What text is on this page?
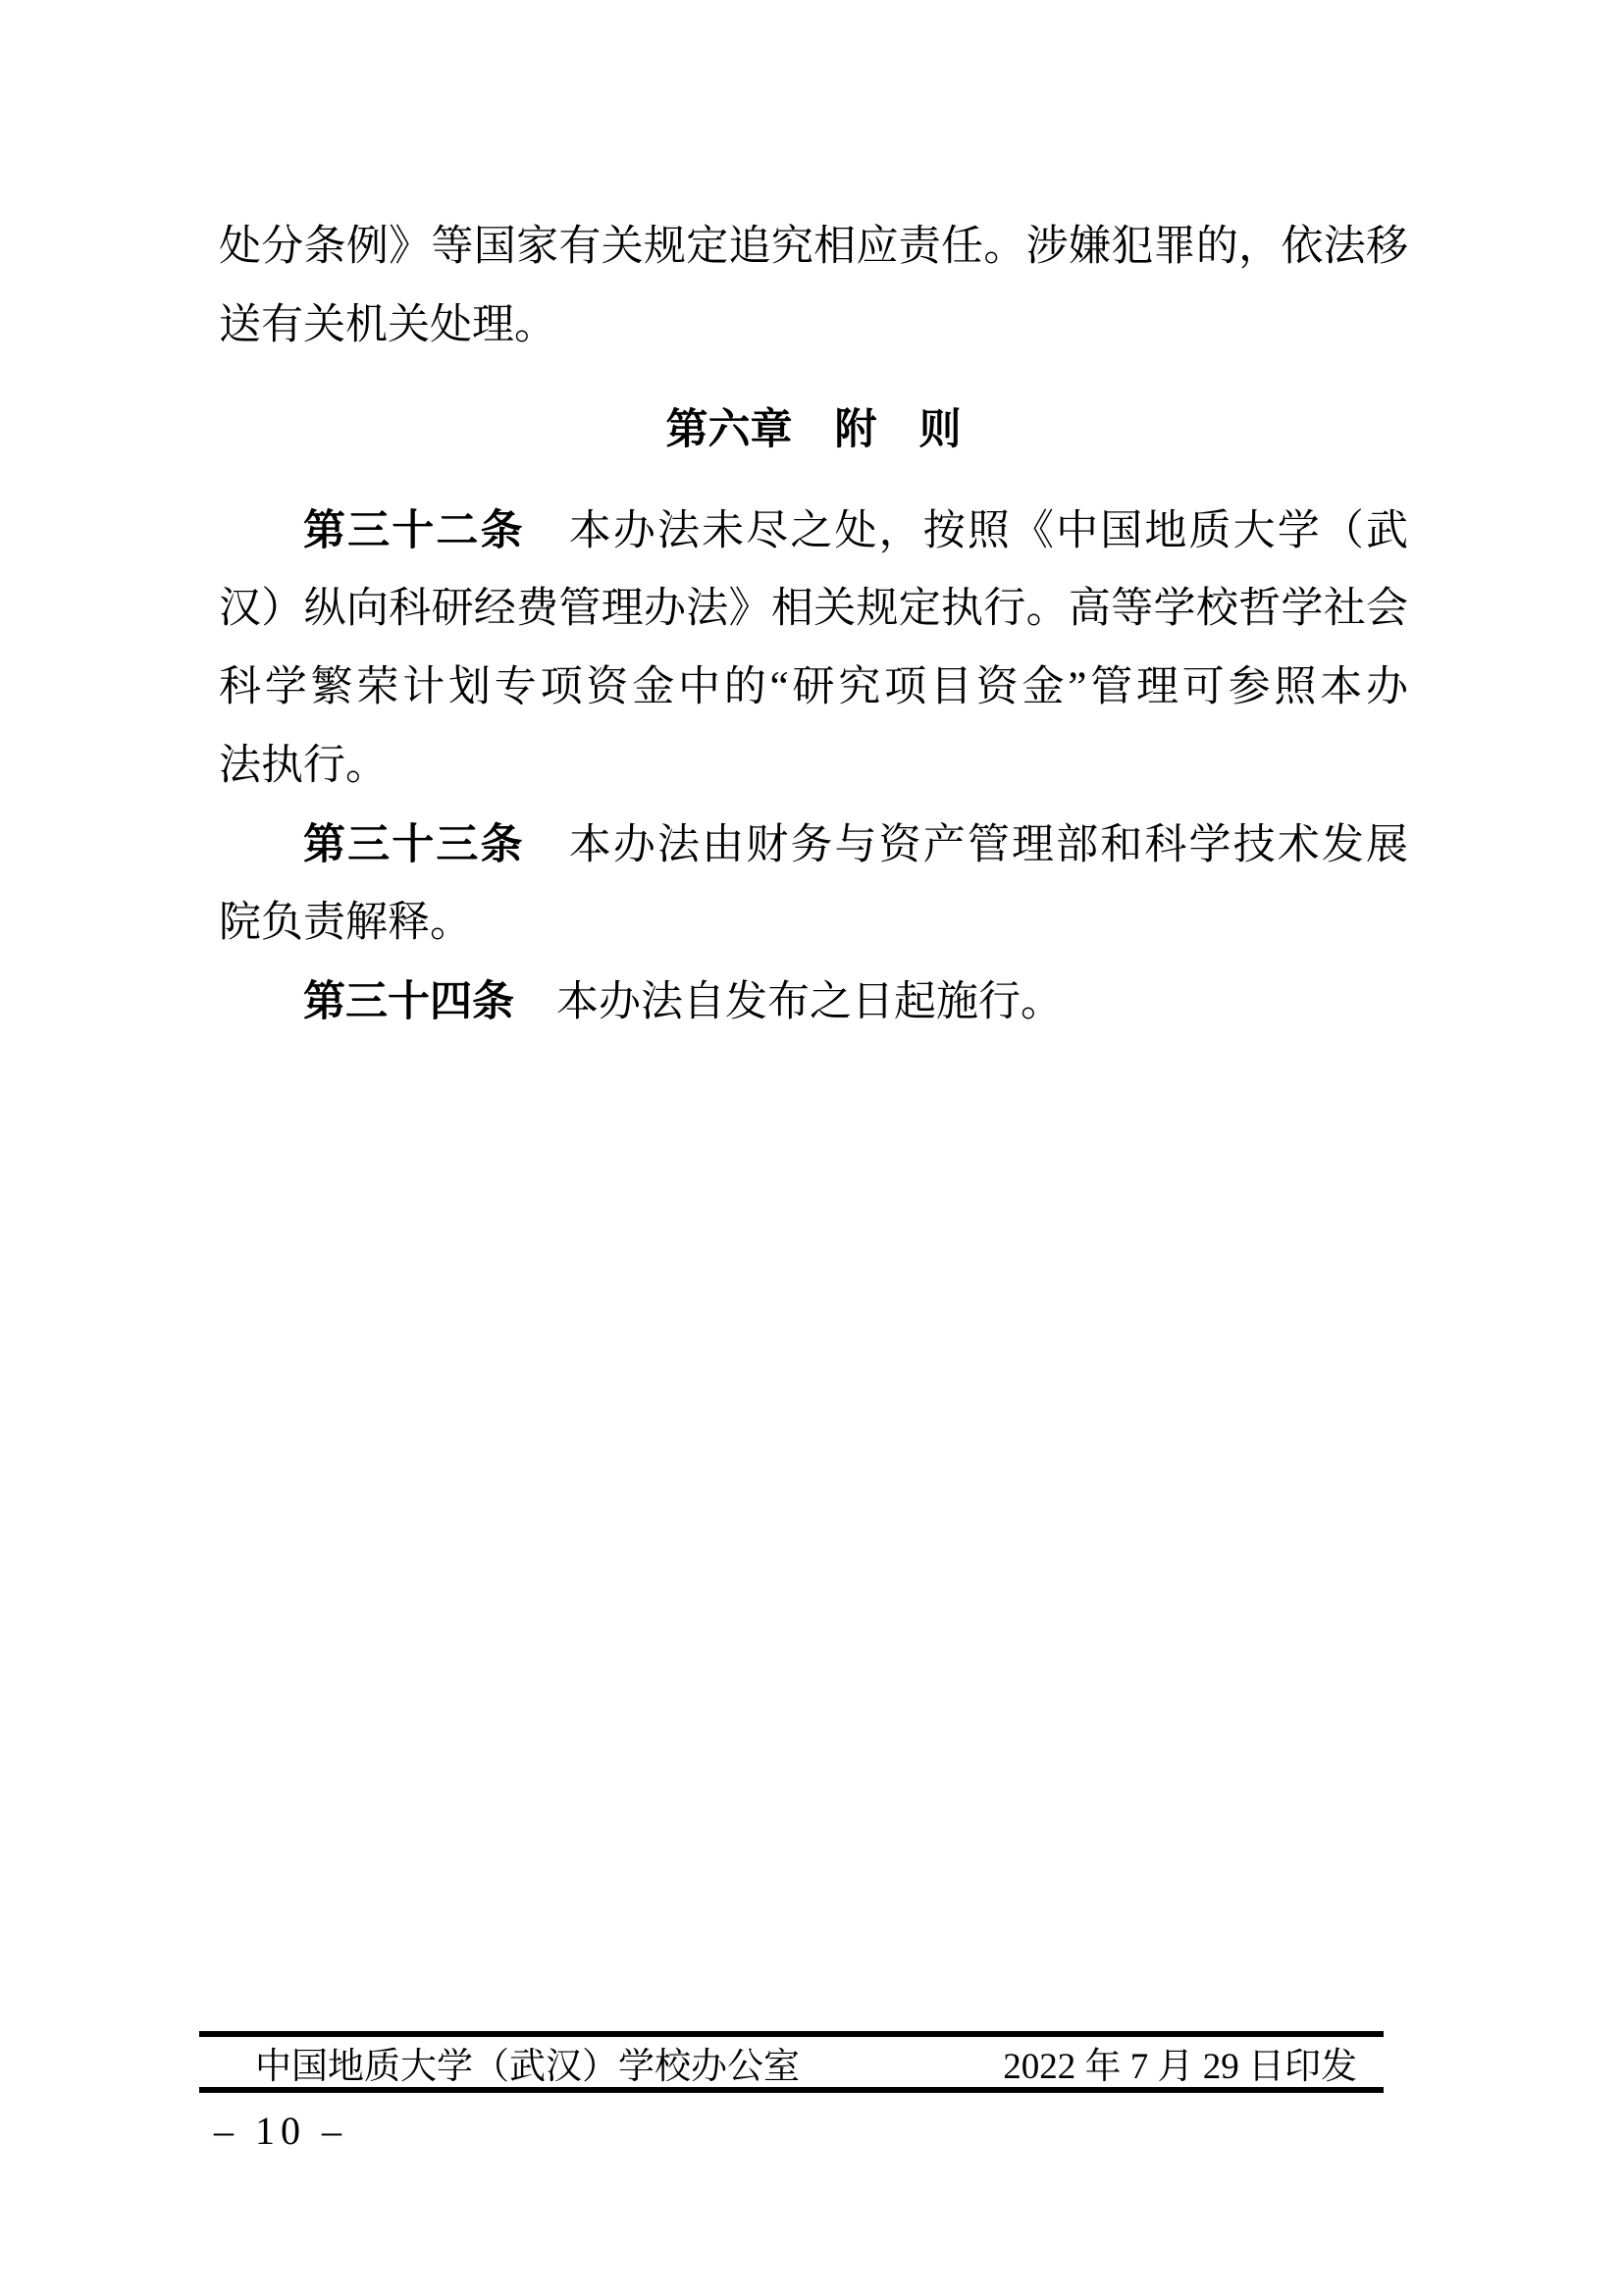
处分条例》等国家有关规定追究相应责任。涉嫌犯罪的，依法移
送有关机关处理。
第六章　附　则
第三十二条　本办法未尽之处，按照《中国地质大学（武
汉）纵向科研经费管理办法》相关规定执行。高等学校哲学社会
科学繁荣计划专项资金中的“研究项目资金”管理可参照本办
法执行。
第三十三条　本办法由财务与资产管理部和科学技术发展
院负责解释。
第三十四条　本办法自发布之日起施行。
中国地质大学（武汉）学校办公室	2022 年 7 月 29 日印发
– 10 –
